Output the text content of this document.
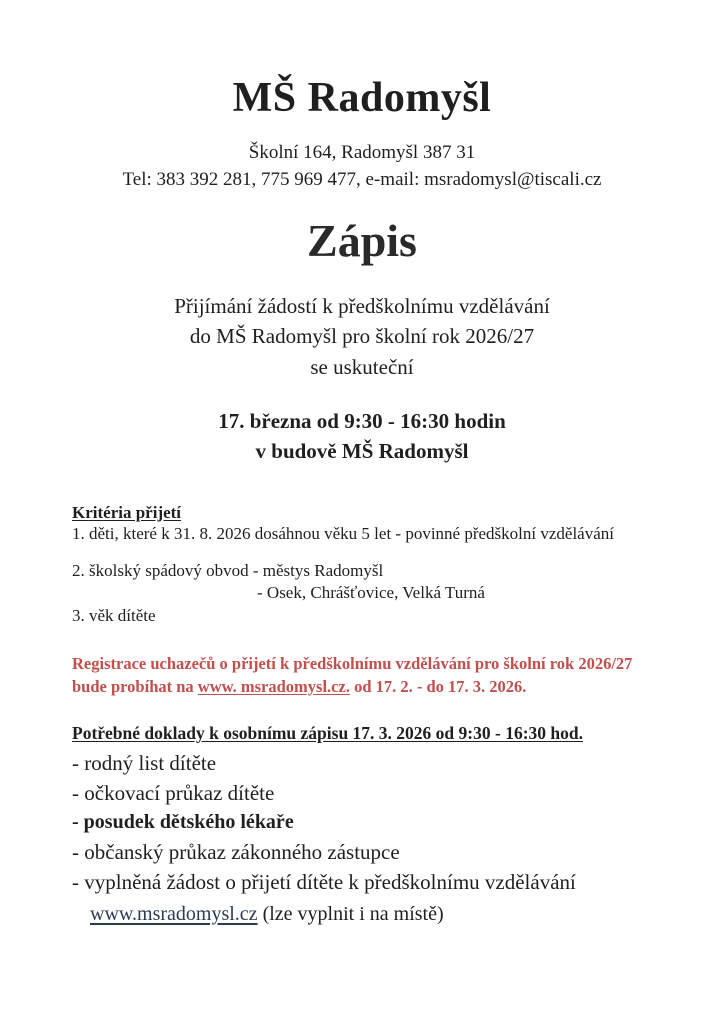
MŠ Radomyšl
Školní 164, Radomyšl 387 31
Tel: 383 392 281, 775 969 477, e-mail: msradomysl@tiscali.cz
Zápis
Přijímání žádostí k předškolnímu vzdělávání
do MŠ Radomyšl pro školní rok 2026/27
se uskuteční
17. března od 9:30 - 16:30 hodin
v budově MŠ Radomyšl
Kritéria přijetí

1. děti, které k 31. 8. 2026 dosáhnou věku 5 let - povinné předškolní vzdělávání

2. školský spádový obvod - městys Radomyšl

- Osek, Chrášťovice, Velká Turná

3. věk dítěte

Registrace uchazečů o přijetí k předškolnímu vzdělávání pro školní rok 2026/27
bude probíhat na www. msradomysl.cz. od 17. 2. - do 17. 3. 2026.
Potřebné doklady k osobnímu zápisu 17. 3. 2026 od 9:30 - 16:30 hod.
- rodný list dítěte
- očkovací průkaz dítěte
- posudek dětského lékaře
- občanský průkaz zákonného zástupce
- vyplněná žádost o přijetí dítěte k předškolnímu vzdělávání
www.msradomysl.cz (lze vyplnit i na místě)
